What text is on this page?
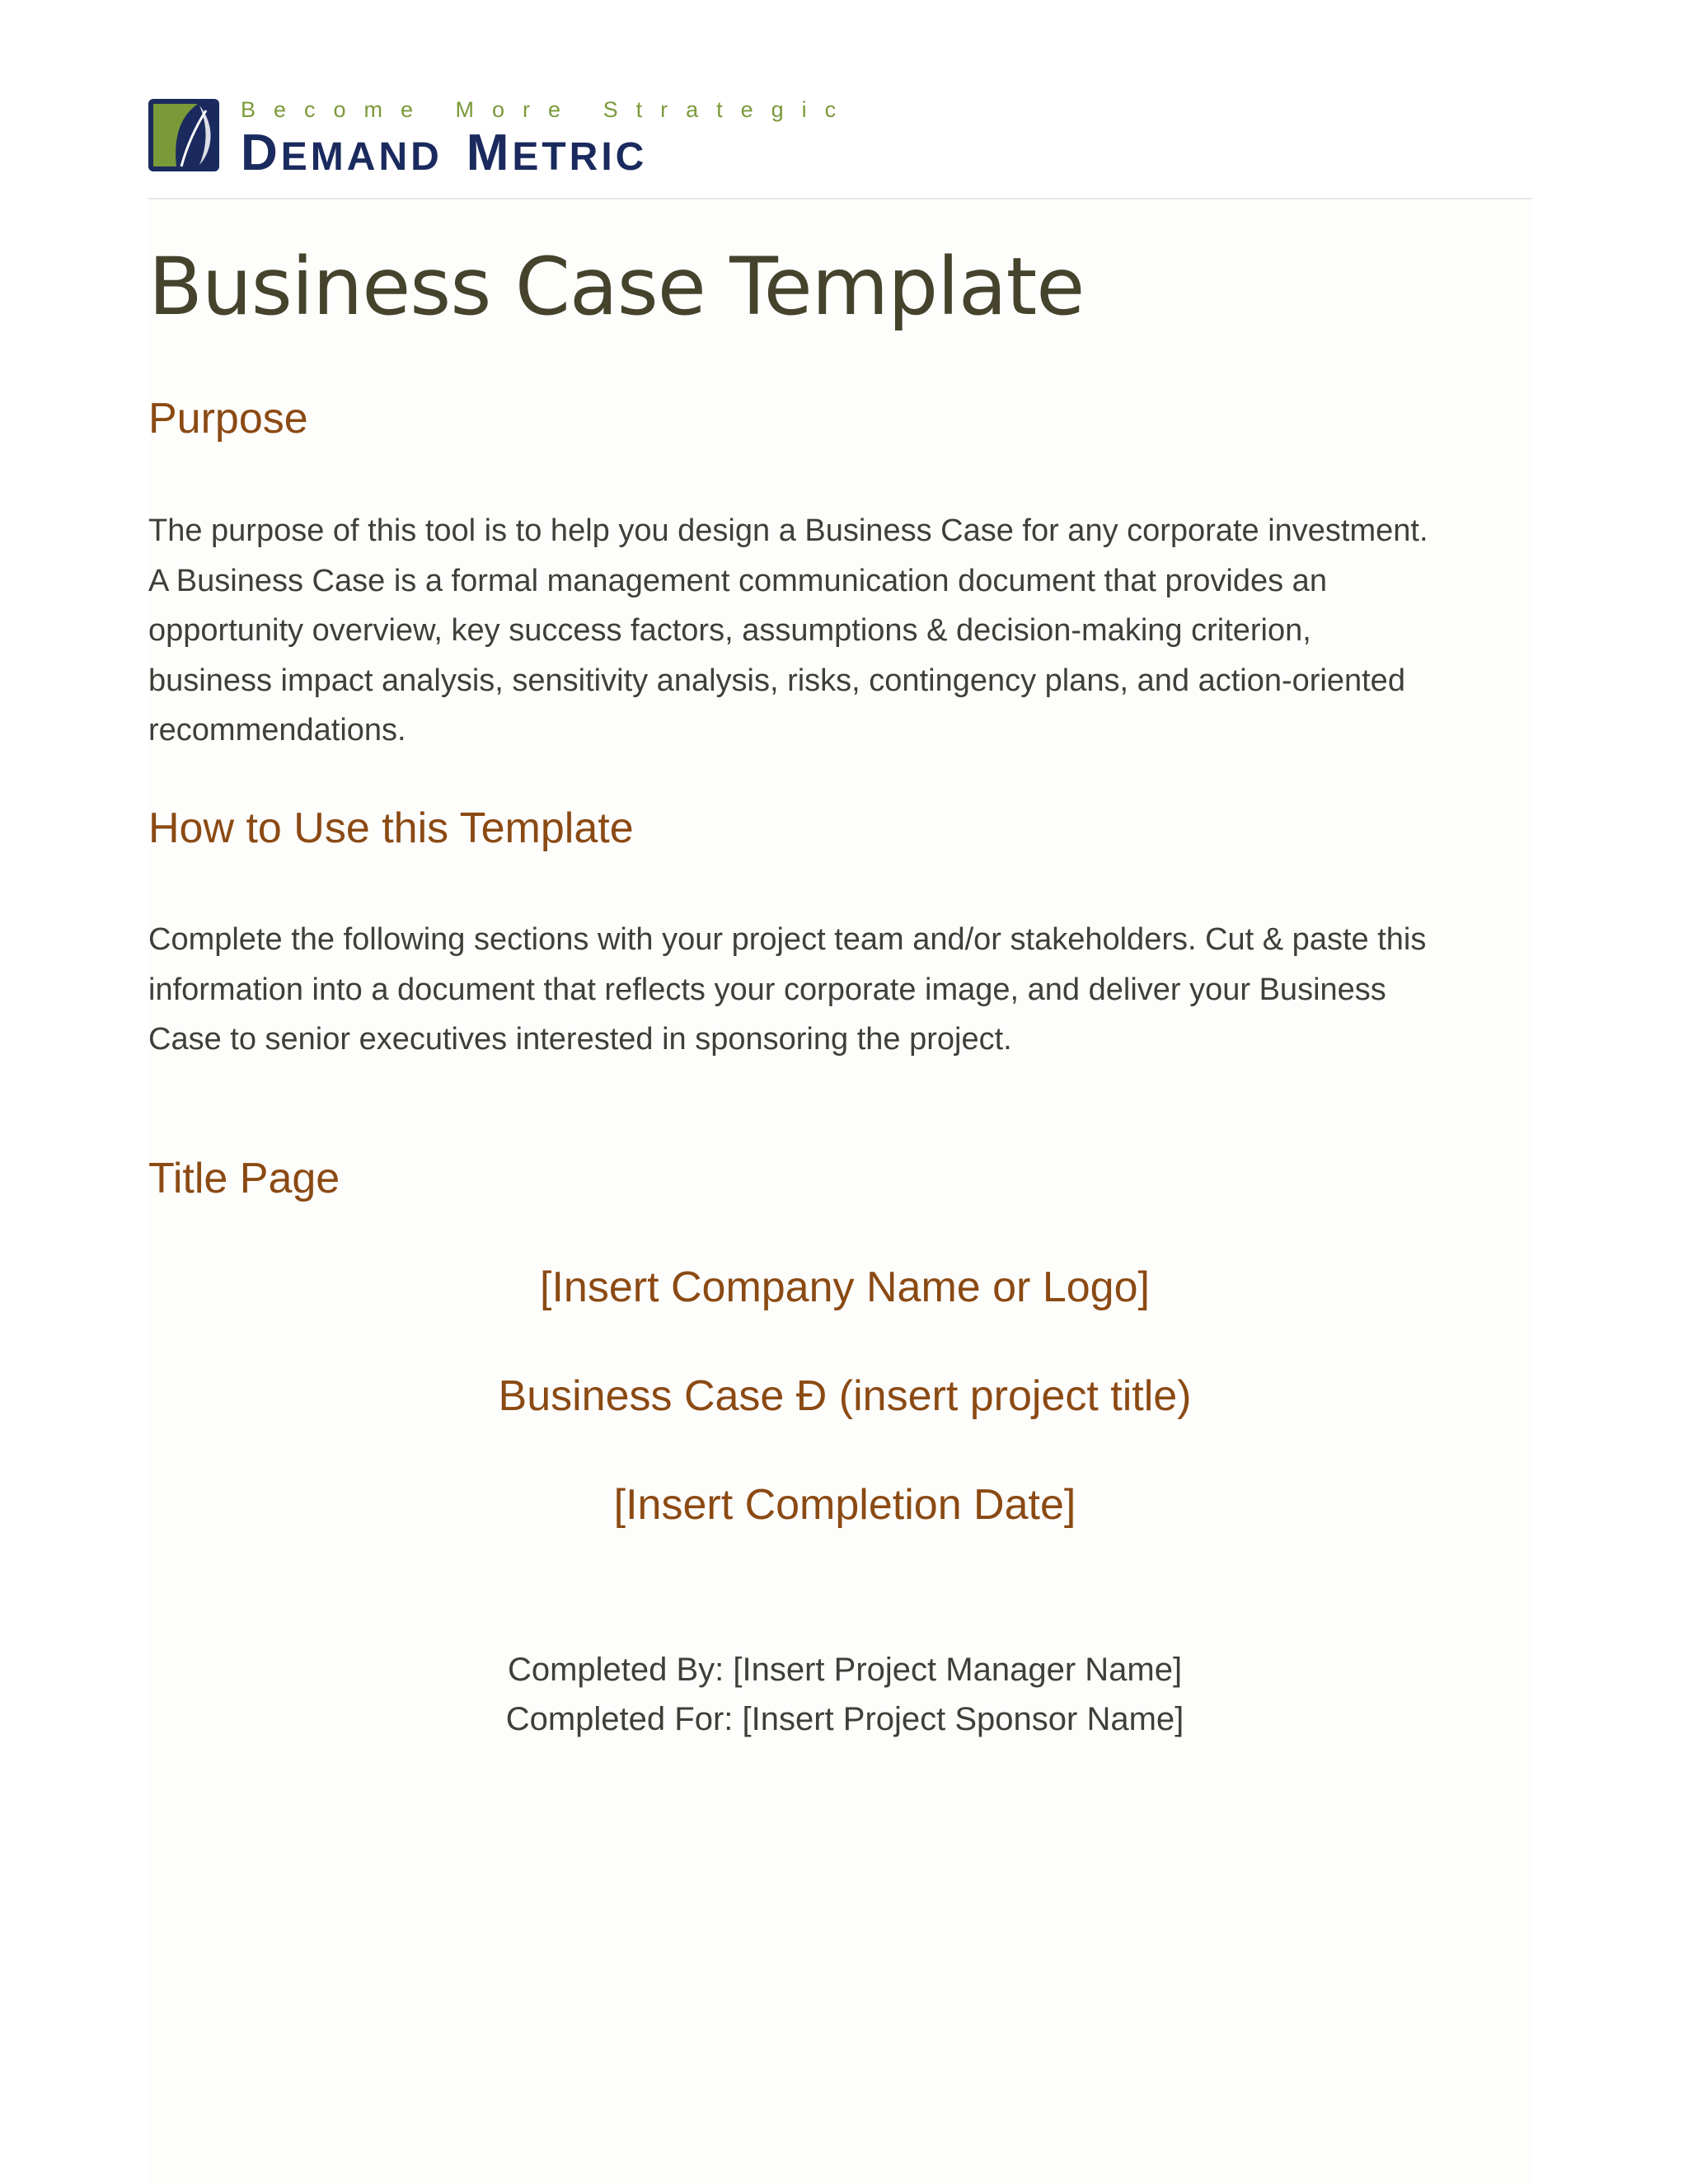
Become More Strategic
DEMAND METRIC
Business Case Template
Purpose
The purpose of this tool is to help you design a Business Case for any corporate investment.
A Business Case is a formal management communication document that provides an
opportunity overview, key success factors, assumptions & decision-making criterion,
business impact analysis, sensitivity analysis, risks, contingency plans, and action-oriented
recommendations.
How to Use this Template
Complete the following sections with your project team and/or stakeholders. Cut & paste this
information into a document that reflects your corporate image, and deliver your Business
Case to senior executives interested in sponsoring the project.
Title Page
[Insert Company Name or Logo]
Business Case Đ (insert project title)
[Insert Completion Date]
Completed By: [Insert Project Manager Name]
Completed For: [Insert Project Sponsor Name]
